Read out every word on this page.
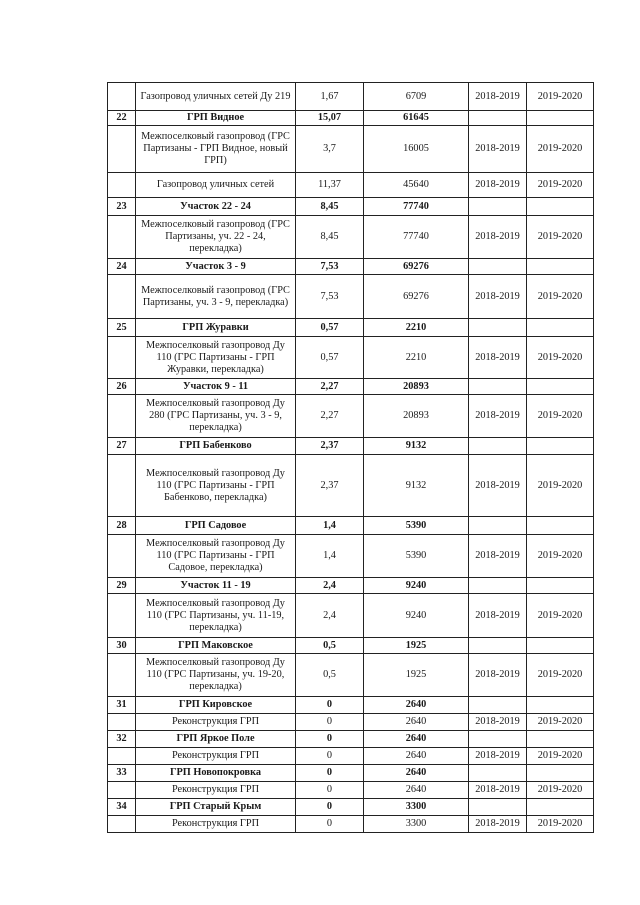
	Газопровод уличных сетей Ду 219	1,67	6709	2018-2019	2019-2020
22	ГРП Видное	15,07	61645		
	Межпоселковый газопровод (ГРС Партизаны - ГРП Видное, новый ГРП)	3,7	16005	2018-2019	2019-2020
	Газопровод уличных сетей	11,37	45640	2018-2019	2019-2020
23	Участок 22 - 24	8,45	77740		
	Межпоселковый газопровод (ГРС Партизаны, уч. 22 - 24, перекладка)	8,45	77740	2018-2019	2019-2020
24	Участок 3 - 9	7,53	69276		
	Межпоселковый газопровод (ГРС Партизаны, уч. 3 - 9, перекладка)	7,53	69276	2018-2019	2019-2020
25	ГРП Журавки	0,57	2210		
	Межпоселковый газопровод Ду 110 (ГРС Партизаны - ГРП Журавки, перекладка)	0,57	2210	2018-2019	2019-2020
26	Участок 9 - 11	2,27	20893		
	Межпоселковый газопровод Ду 280 (ГРС Партизаны, уч. 3 - 9, перекладка)	2,27	20893	2018-2019	2019-2020
27	ГРП Бабенково	2,37	9132		
	Межпоселковый газопровод Ду 110 (ГРС Партизаны - ГРП Бабенково, перекладка)	2,37	9132	2018-2019	2019-2020
28	ГРП Садовое	1,4	5390		
	Межпоселковый газопровод Ду 110 (ГРС Партизаны - ГРП Садовое, перекладка)	1,4	5390	2018-2019	2019-2020
29	Участок 11 - 19	2,4	9240		
	Межпоселковый газопровод Ду 110 (ГРС Партизаны, уч. 11-19, перекладка)	2,4	9240	2018-2019	2019-2020
30	ГРП Маковское	0,5	1925		
	Межпоселковый газопровод Ду 110 (ГРС Партизаны, уч. 19-20, перекладка)	0,5	1925	2018-2019	2019-2020
31	ГРП Кировское	0	2640		
	Реконструкция ГРП	0	2640	2018-2019	2019-2020
32	ГРП Яркое Поле	0	2640		
	Реконструкция ГРП	0	2640	2018-2019	2019-2020
33	ГРП Новопокровка	0	2640		
	Реконструкция ГРП	0	2640	2018-2019	2019-2020
34	ГРП Старый Крым	0	3300		
	Реконструкция ГРП	0	3300	2018-2019	2019-2020
